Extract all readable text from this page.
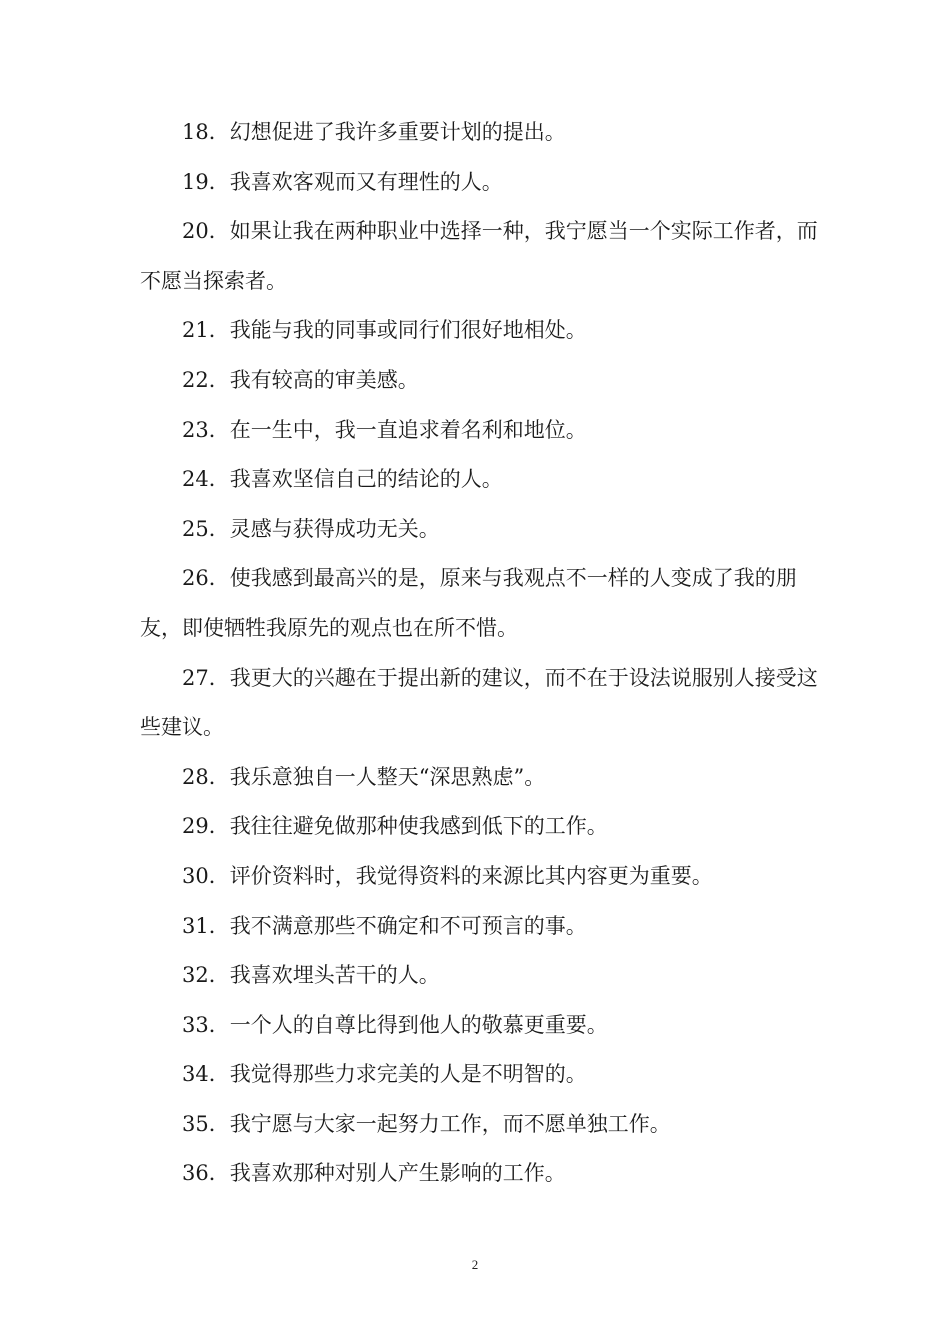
18．幻想促进了我许多重要计划的提出。

19．我喜欢客观而又有理性的人。

20．如果让我在两种职业中选择一种，我宁愿当一个实际工作者，而不愿当探索者。

21．我能与我的同事或同行们很好地相处。

22．我有较高的审美感。

23．在一生中，我一直追求着名利和地位。

24．我喜欢坚信自己的结论的人。

25．灵感与获得成功无关。

26．使我感到最高兴的是，原来与我观点不一样的人变成了我的朋友，即使牺牲我原先的观点也在所不惜。

27．我更大的兴趣在于提出新的建议，而不在于设法说服别人接受这些建议。

28．我乐意独自一人整天“深思熟虑”。

29．我往往避免做那种使我感到低下的工作。

30．评价资料时，我觉得资料的来源比其内容更为重要。

31．我不满意那些不确定和不可预言的事。

32．我喜欢埋头苦干的人。

33．一个人的自尊比得到他人的敬慕更重要。

34．我觉得那些力求完美的人是不明智的。

35．我宁愿与大家一起努力工作，而不愿单独工作。

36．我喜欢那种对别人产生影响的工作。

2
